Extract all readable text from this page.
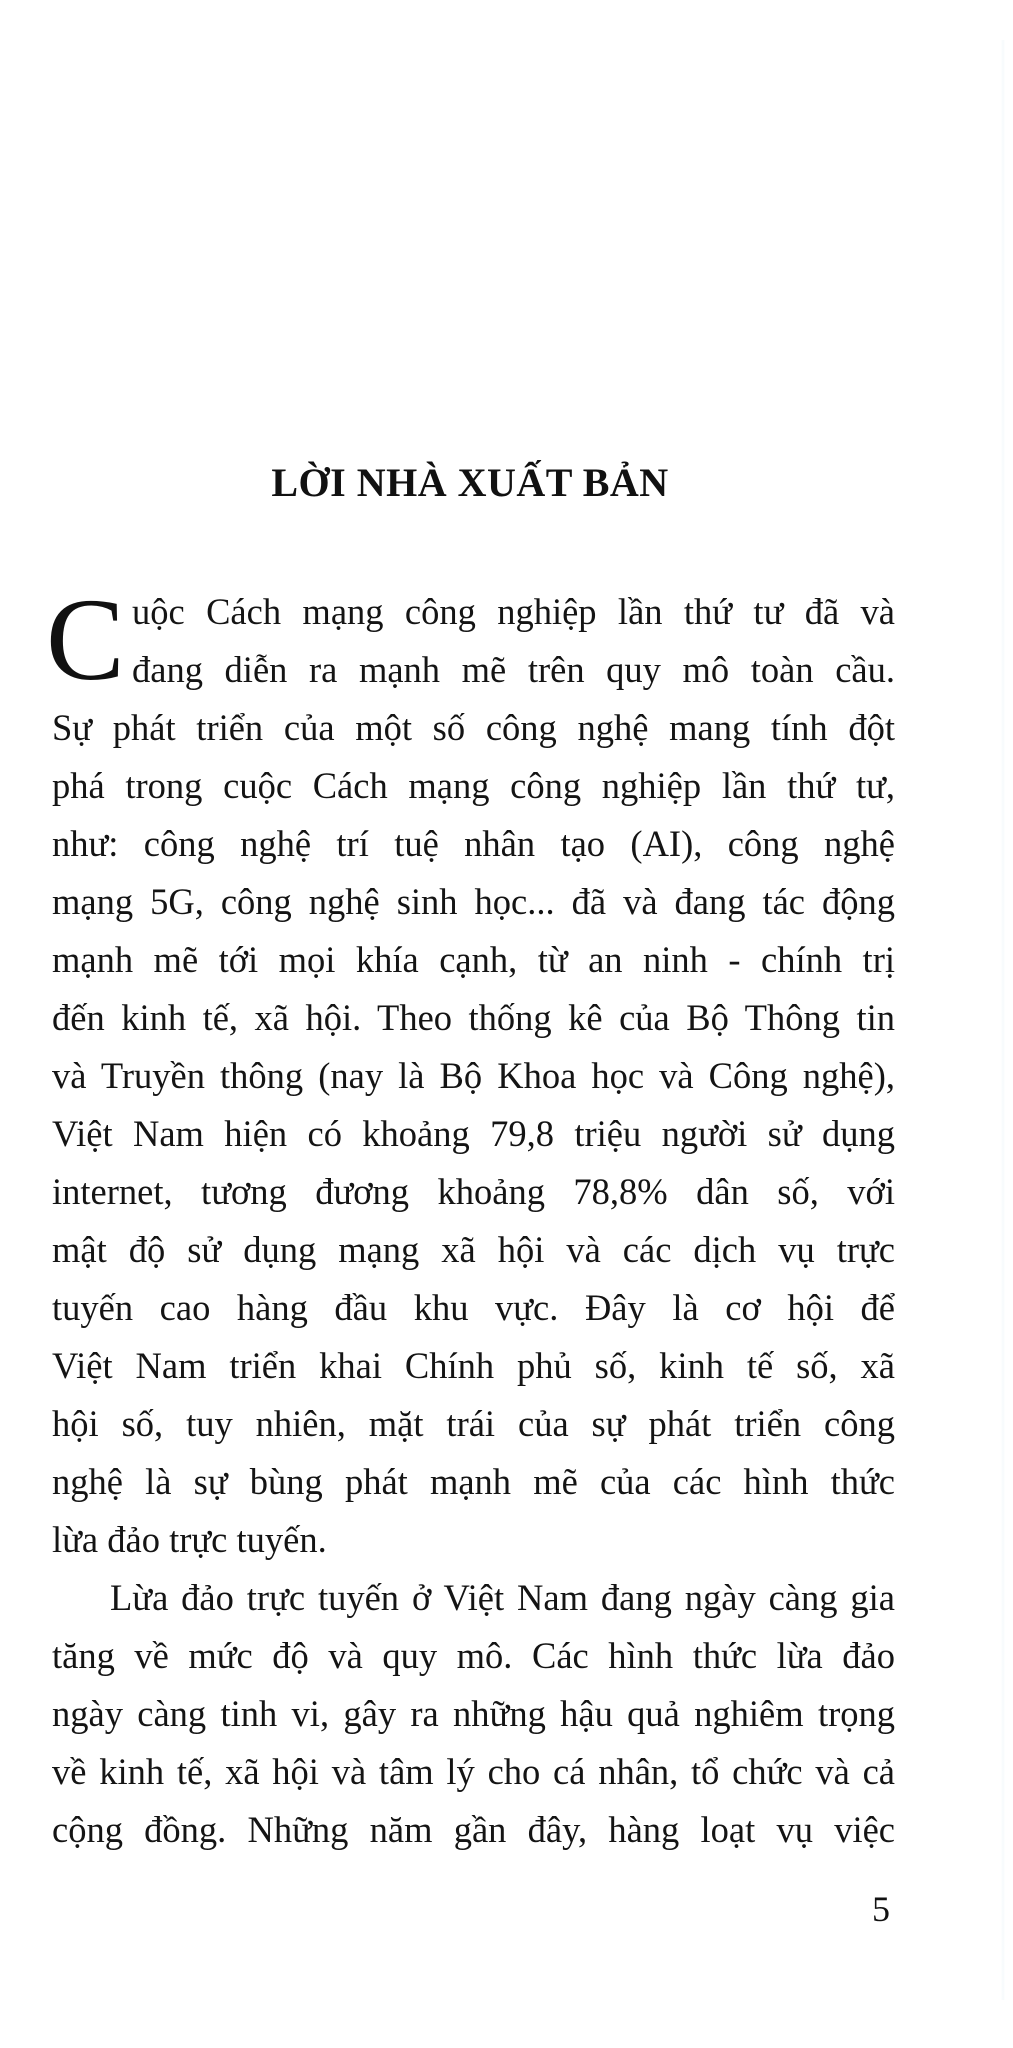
LỜI NHÀ XUẤT BẢN
C uộc Cách mạng công nghiệp lần thứ tư đã và
đang diễn ra mạnh mẽ trên quy mô toàn cầu.
Sự phát triển của một số công nghệ mang tính đột
phá trong cuộc Cách mạng công nghiệp lần thứ tư,
như: công nghệ trí tuệ nhân tạo (AI), công nghệ
mạng 5G, công nghệ sinh học... đã và đang tác động
mạnh mẽ tới mọi khía cạnh, từ an ninh - chính trị
đến kinh tế, xã hội. Theo thống kê của Bộ Thông tin
và Truyền thông (nay là Bộ Khoa học và Công nghệ),
Việt Nam hiện có khoảng 79,8 triệu người sử dụng
internet, tương đương khoảng 78,8% dân số, với
mật độ sử dụng mạng xã hội và các dịch vụ trực
tuyến cao hàng đầu khu vực. Đây là cơ hội để
Việt Nam triển khai Chính phủ số, kinh tế số, xã
hội số, tuy nhiên, mặt trái của sự phát triển công
nghệ là sự bùng phát mạnh mẽ của các hình thức
lừa đảo trực tuyến.
Lừa đảo trực tuyến ở Việt Nam đang ngày càng gia
tăng về mức độ và quy mô. Các hình thức lừa đảo
ngày càng tinh vi, gây ra những hậu quả nghiêm trọng
về kinh tế, xã hội và tâm lý cho cá nhân, tổ chức và cả
cộng đồng. Những năm gần đây, hàng loạt vụ việc
5
